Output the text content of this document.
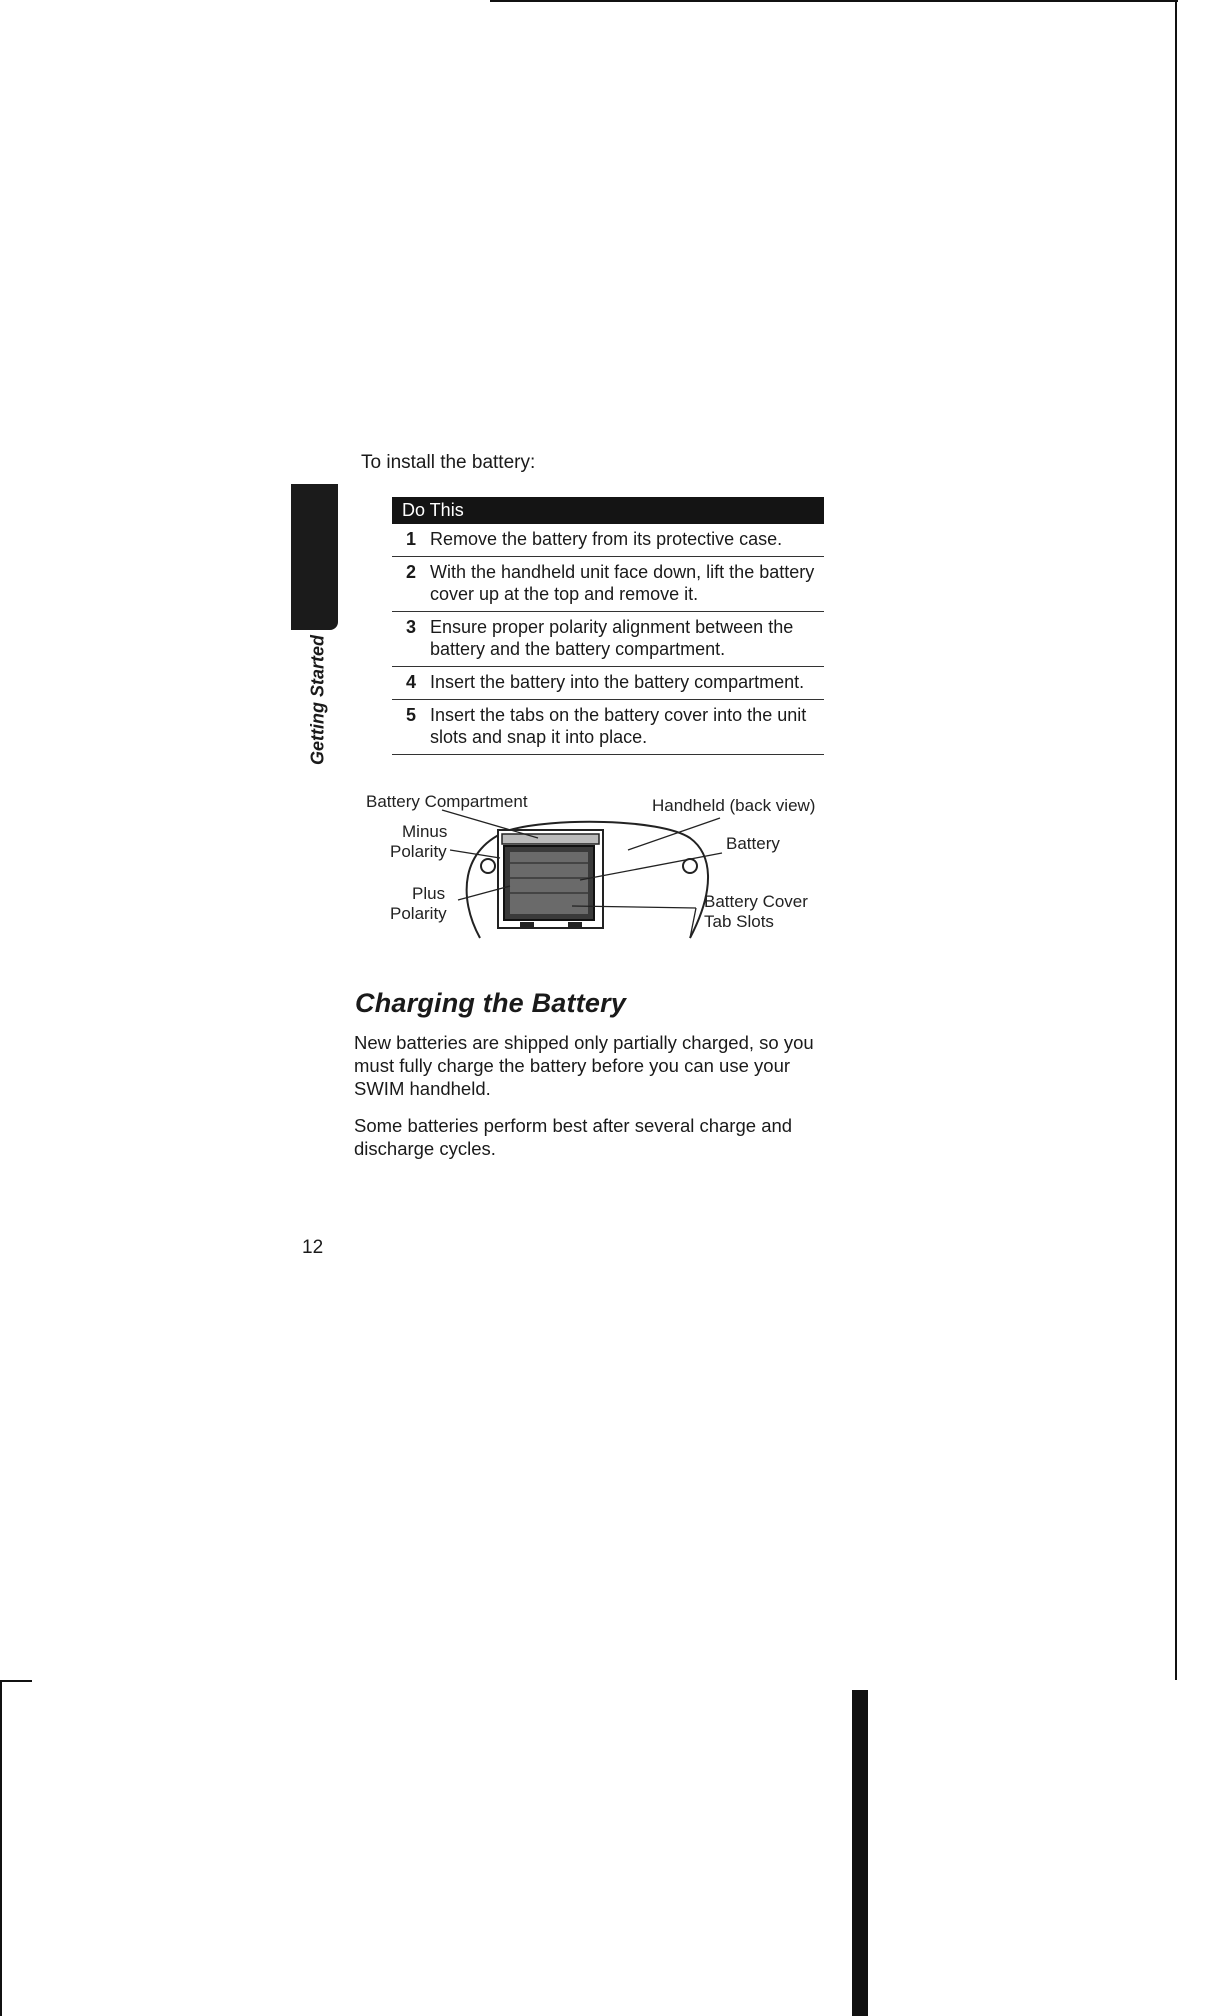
Getting Started
To install the battery:
Do This	
1	Remove the battery from its protective case.
2	With the handheld unit face down, lift the battery cover up at the top and remove it.
3	Ensure proper polarity alignment between the battery and the battery compartment.
4	Insert the battery into the battery compartment.
5	Insert the tabs on the battery cover into the unit slots and snap it into place.
Battery Compartment	Handheld (back view)
Minus
Polarity	Battery
Plus
Polarity
Battery Cover
Tab Slots
Charging the Battery

New batteries are shipped only partially charged, so you must fully charge the battery before you can use your SWIM handheld.

Some batteries perform best after several charge and discharge cycles.

12
